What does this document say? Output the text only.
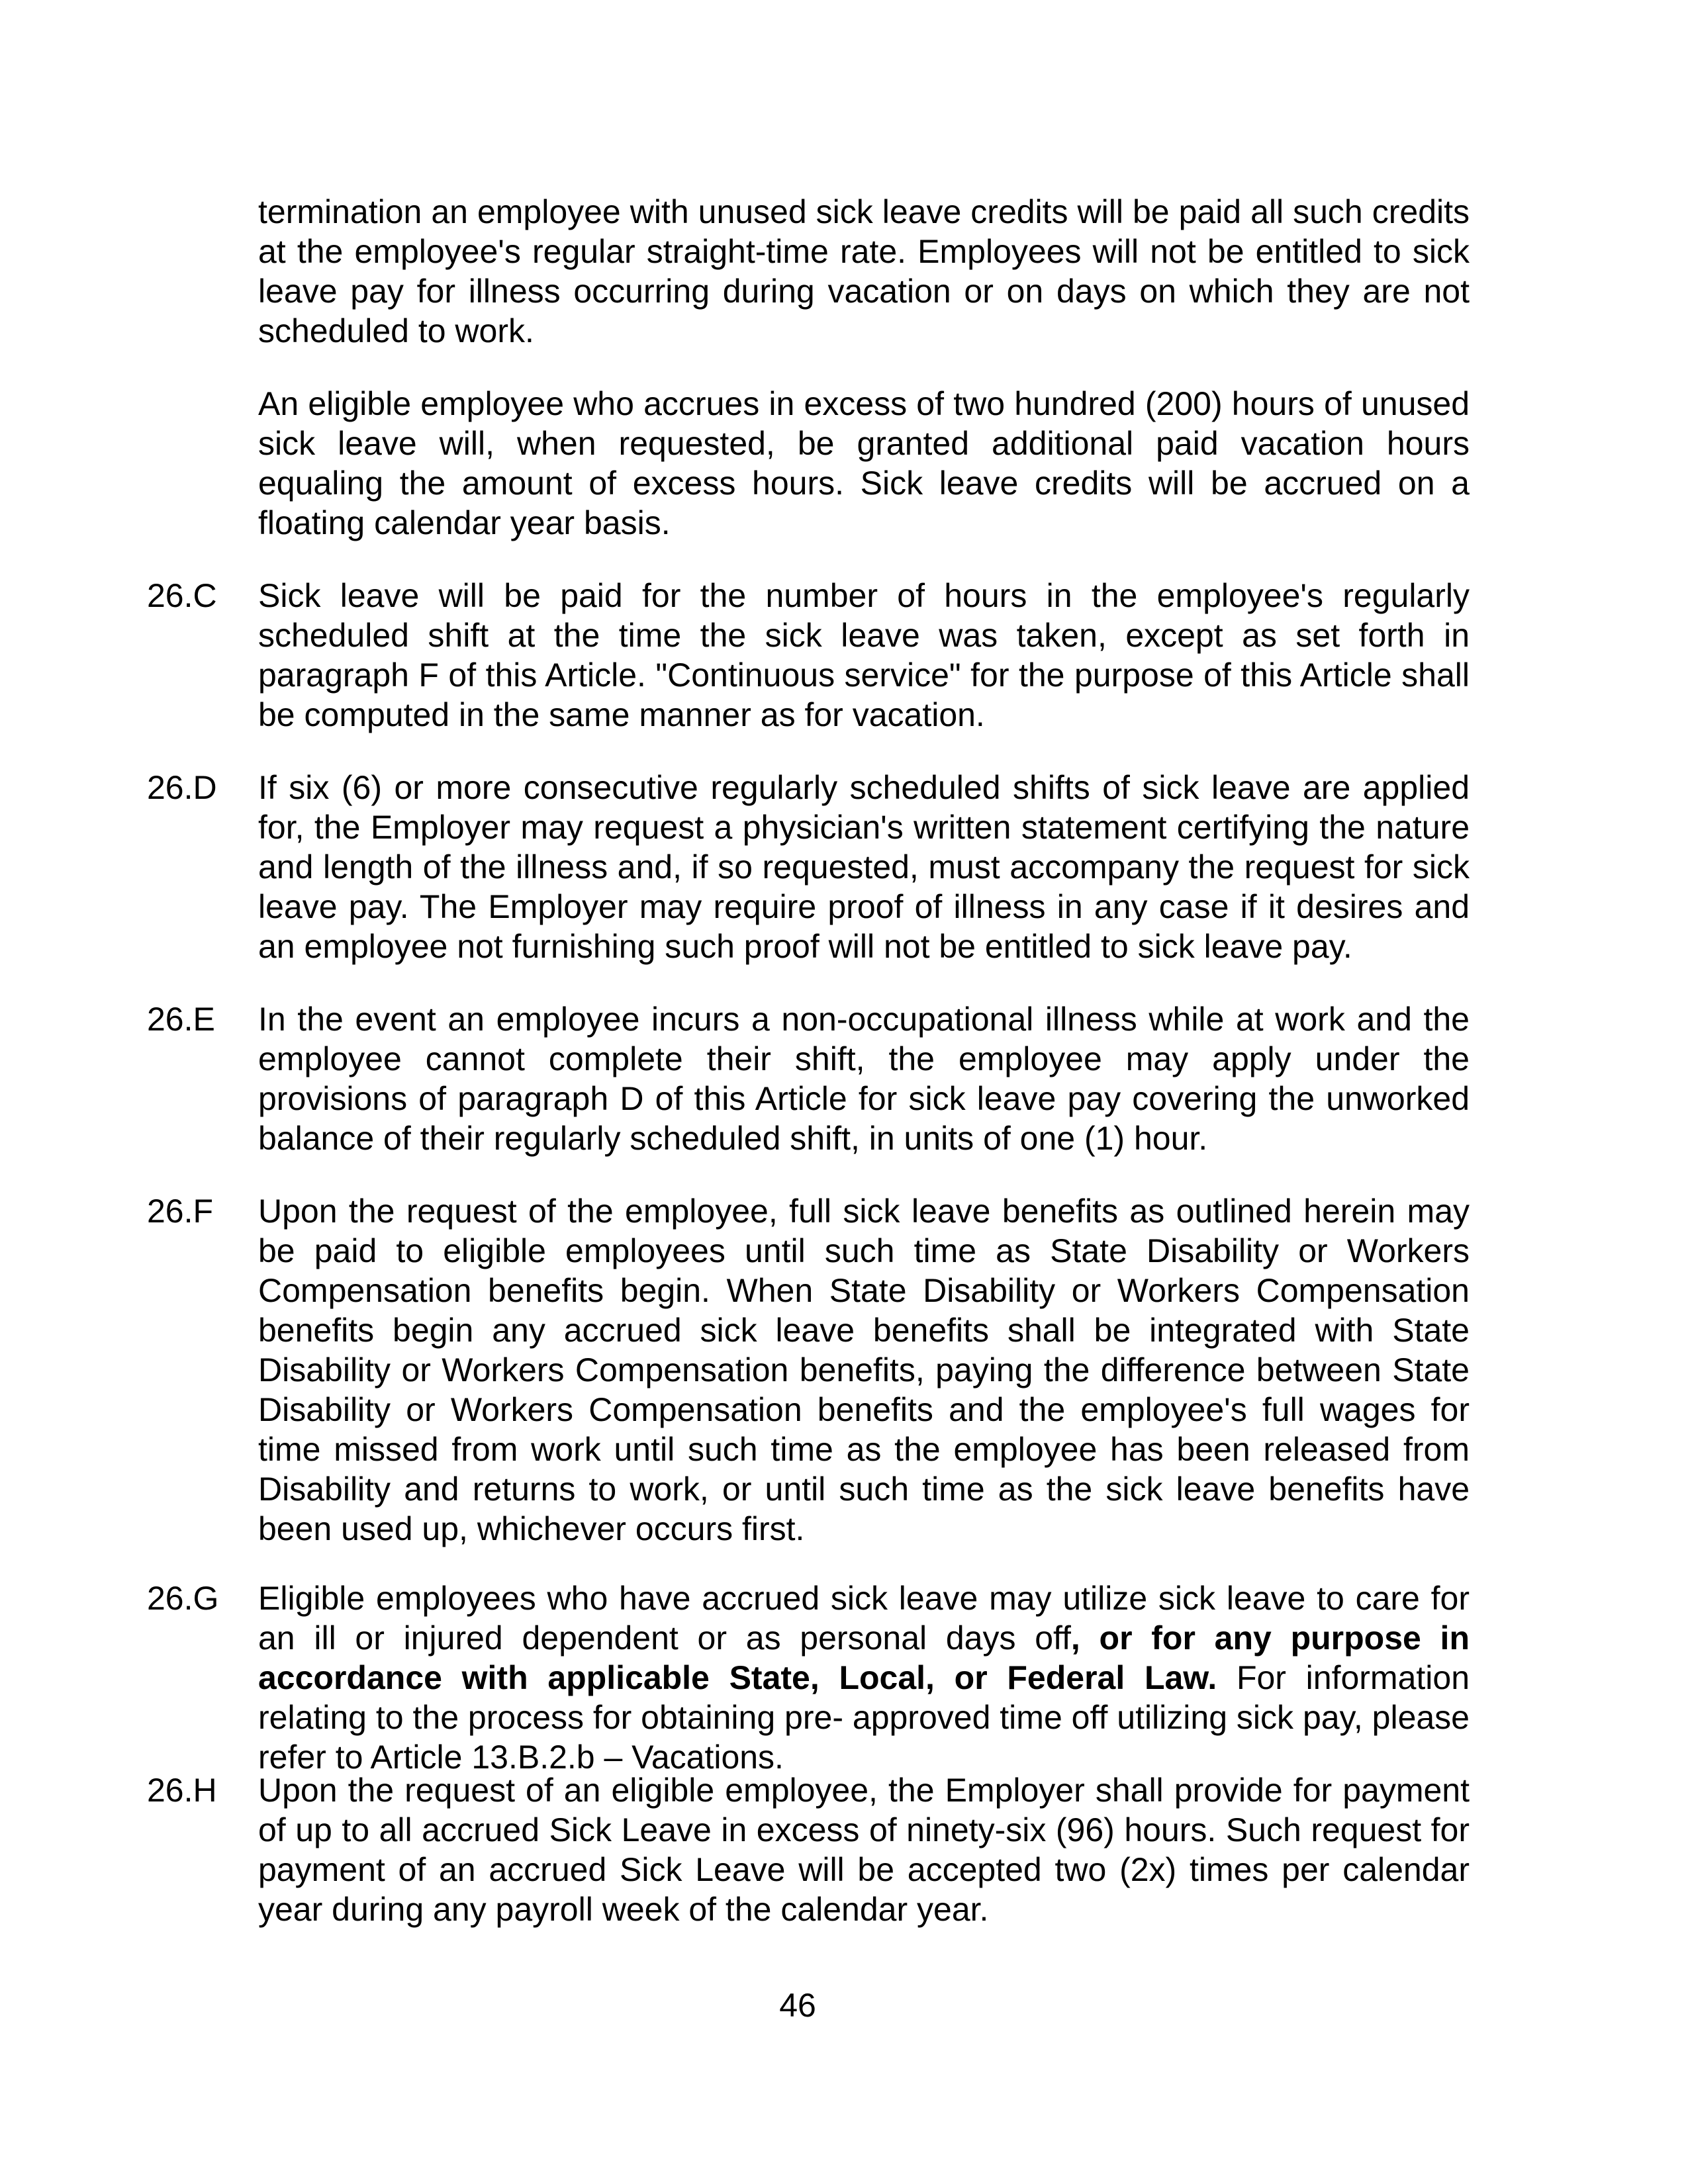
termination an employee with unused sick leave credits will be paid all such credits at the employee's regular straight-time rate. Employees will not be entitled to sick leave pay for illness occurring during vacation or on days on which they are not scheduled to work.

An eligible employee who accrues in excess of two hundred (200) hours of unused sick leave will, when requested, be granted additional paid vacation hours equaling the amount of excess hours. Sick leave credits will be accrued on a floating calendar year basis.

26.C Sick leave will be paid for the number of hours in the employee's regularly scheduled shift at the time the sick leave was taken, except as set forth in paragraph F of this Article. "Continuous service" for the purpose of this Article shall be computed in the same manner as for vacation.

26.D If six (6) or more consecutive regularly scheduled shifts of sick leave are applied for, the Employer may request a physician's written statement certifying the nature and length of the illness and, if so requested, must accompany the request for sick leave pay. The Employer may require proof of illness in any case if it desires and an employee not furnishing such proof will not be entitled to sick leave pay.

26.E In the event an employee incurs a non-occupational illness while at work and the employee cannot complete their shift, the employee may apply under the provisions of paragraph D of this Article for sick leave pay covering the unworked balance of their regularly scheduled shift, in units of one (1) hour.

26.F Upon the request of the employee, full sick leave benefits as outlined herein may be paid to eligible employees until such time as State Disability or Workers Compensation benefits begin. When State Disability or Workers Compensation benefits begin any accrued sick leave benefits shall be integrated with State Disability or Workers Compensation benefits, paying the difference between State Disability or Workers Compensation benefits and the employee's full wages for time missed from work until such time as the employee has been released from Disability and returns to work, or until such time as the sick leave benefits have been used up, whichever occurs first.

26.G Eligible employees who have accrued sick leave may utilize sick leave to care for an ill or injured dependent or as personal days off, or for any purpose in accordance with applicable State, Local, or Federal Law. For information relating to the process for obtaining pre- approved time off utilizing sick pay, please refer to Article 13.B.2.b – Vacations.

26.H Upon the request of an eligible employee, the Employer shall provide for payment of up to all accrued Sick Leave in excess of ninety-six (96) hours. Such request for payment of an accrued Sick Leave will be accepted two (2x) times per calendar year during any payroll week of the calendar year.

46
